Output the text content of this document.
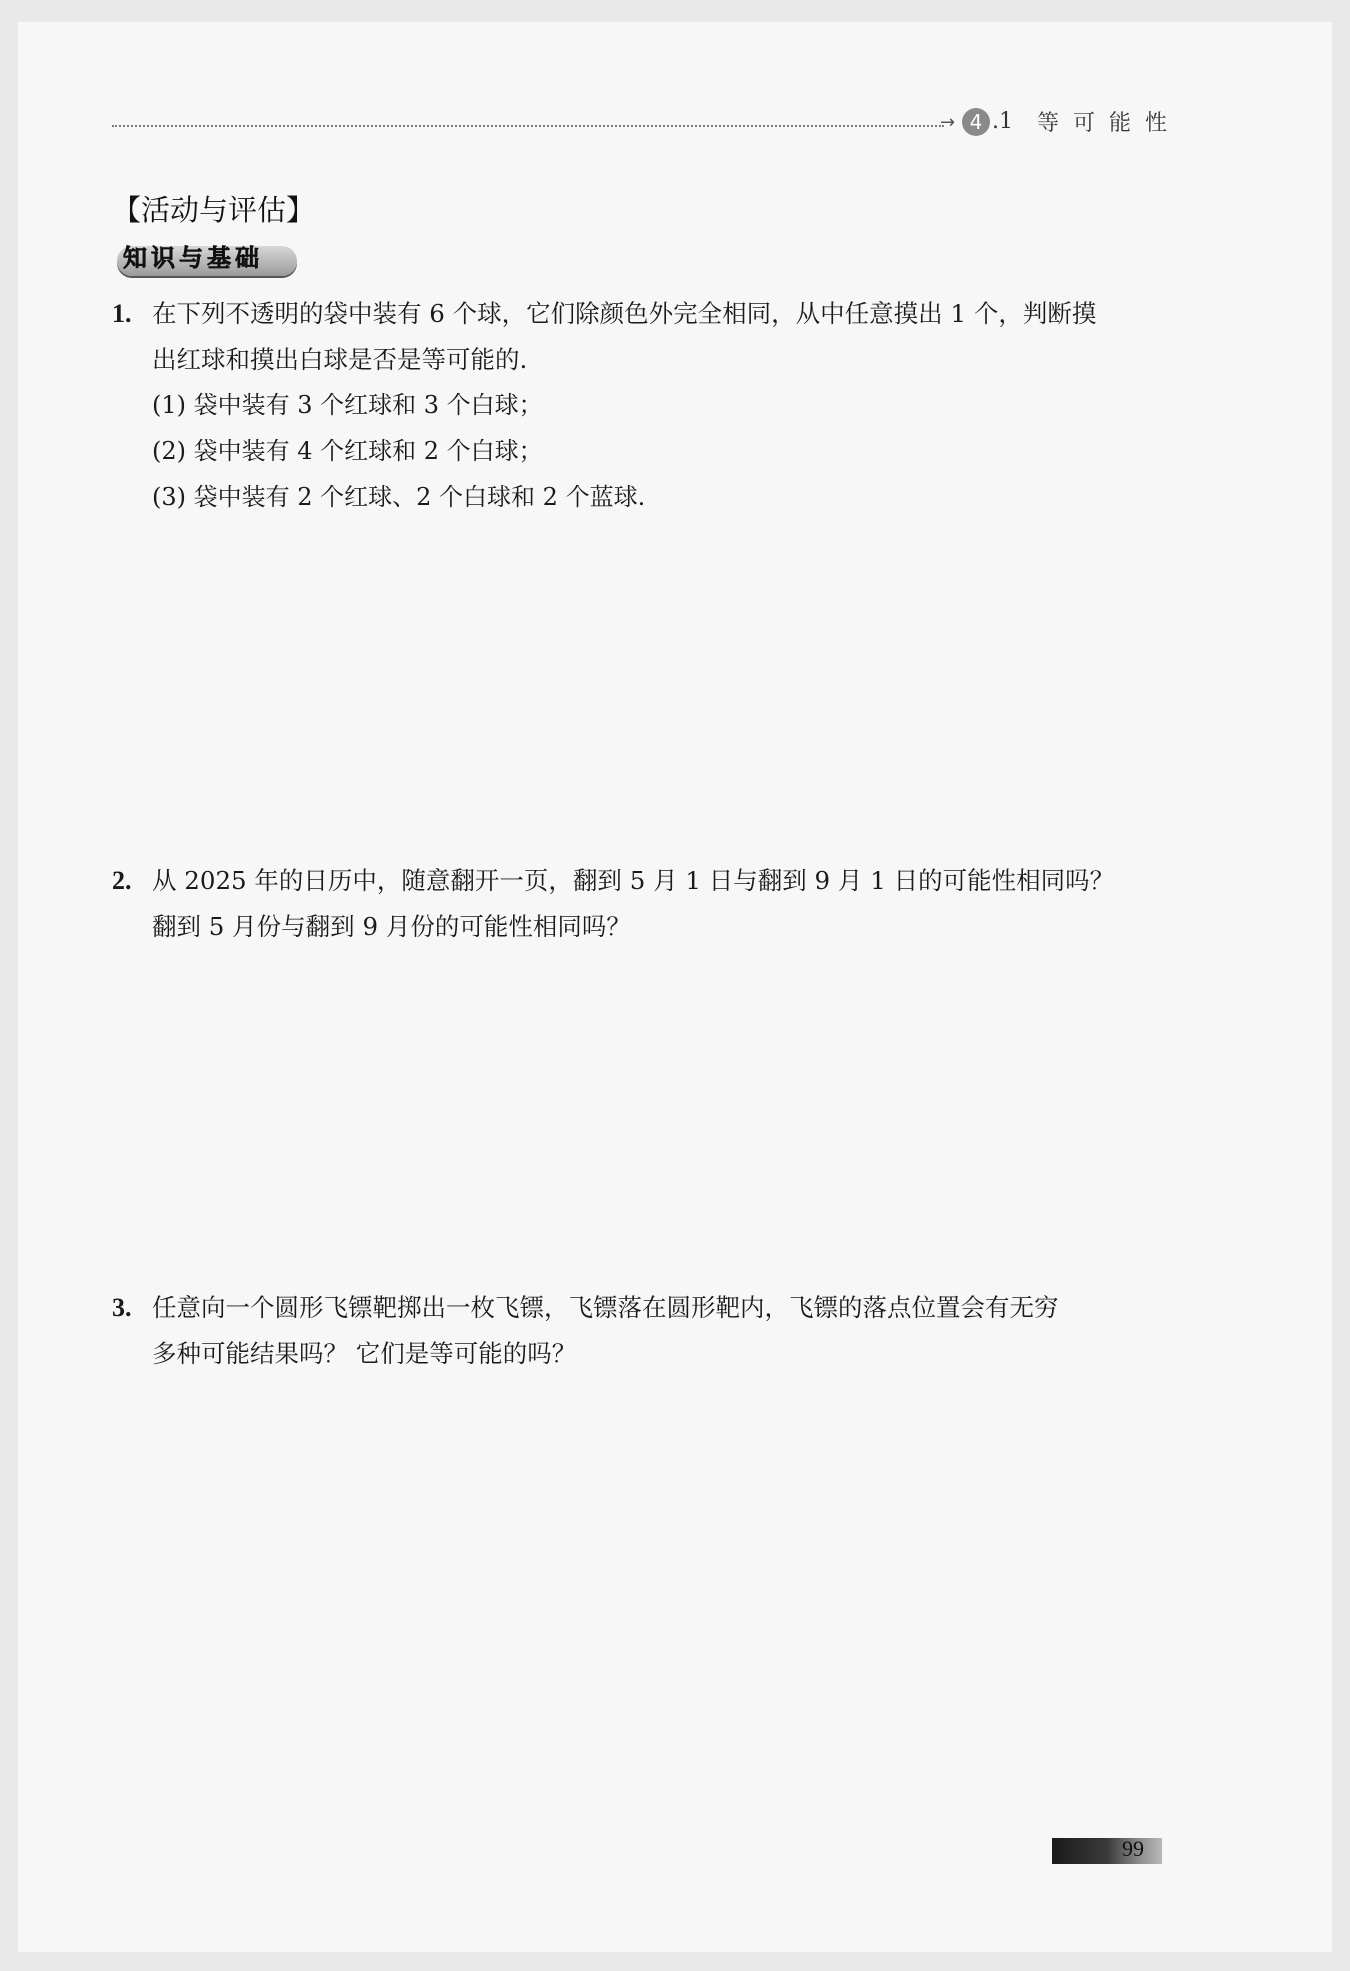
→ 4 .1 等可能性
【活动与评估】
知识与基础
1. 在下列不透明的袋中装有 6 个球，它们除颜色外完全相同，从中任意摸出 1 个，判断摸
出红球和摸出白球是否是等可能的.
(1) 袋中装有 3 个红球和 3 个白球；
(2) 袋中装有 4 个红球和 2 个白球；
(3) 袋中装有 2 个红球、2 个白球和 2 个蓝球.
2. 从 2025 年的日历中，随意翻开一页，翻到 5 月 1 日与翻到 9 月 1 日的可能性相同吗？
翻到 5 月份与翻到 9 月份的可能性相同吗？
3. 任意向一个圆形飞镖靶掷出一枚飞镖，飞镖落在圆形靶内，飞镖的落点位置会有无穷
多种可能结果吗？ 它们是等可能的吗？
99
